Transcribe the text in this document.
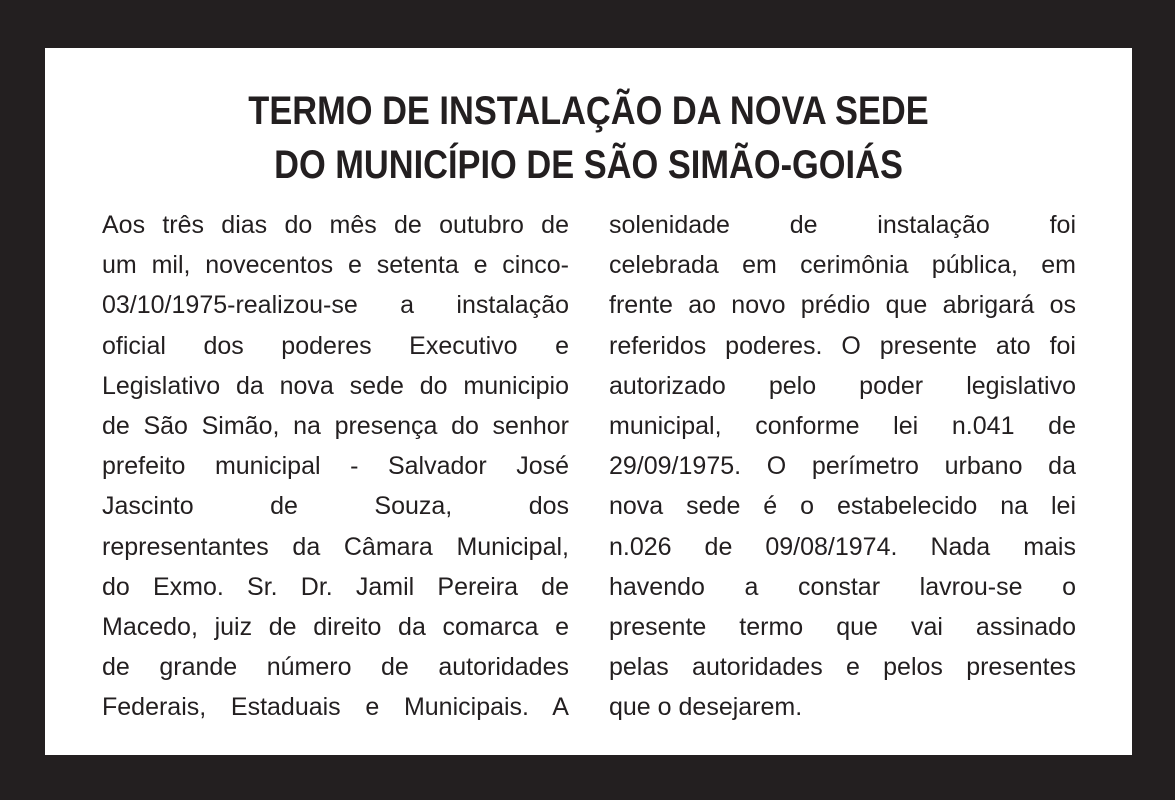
TERMO DE INSTALAÇÃO DA NOVA SEDE
DO MUNICÍPIO DE SÃO SIMÃO-GOIÁS
Aos três dias do mês de outubro de
um mil, novecentos e setenta e cinco-
03/10/1975-realizou-se a instalação
oficial dos poderes Executivo e
Legislativo da nova sede do municipio
de São Simão, na presença do senhor
prefeito municipal - Salvador José
Jascinto de Souza, dos
representantes da Câmara Municipal,
do Exmo. Sr. Dr. Jamil Pereira de
Macedo, juiz de direito da comarca e
de grande número de autoridades
Federais, Estaduais e Municipais. A
solenidade de instalação foi
celebrada em cerimônia pública, em
frente ao novo prédio que abrigará os
referidos poderes. O presente ato foi
autorizado pelo poder legislativo
municipal, conforme lei n.041 de
29/09/1975. O perímetro urbano da
nova sede é o estabelecido na lei
n.026 de 09/08/1974. Nada mais
havendo a constar lavrou-se o
presente termo que vai assinado
pelas autoridades e pelos presentes
que o desejarem.
